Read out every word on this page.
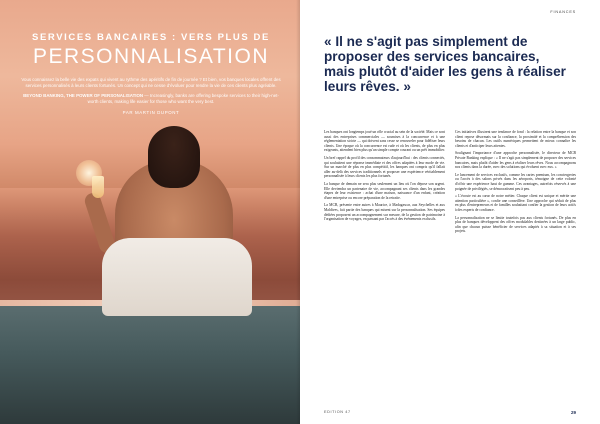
SERVICES BANCAIRES : VERS PLUS DE
PERSONNALISATION
Vous connaissez la belle vie des expats qui vivent au rythme des apéritifs de fin de journée ? Et bien, vos banques locales offrent des services personnalisés à leurs clients fortunés. Un concept qui ne cesse d'évoluer pour rendre la vie de ces clients plus agréable.
BEYOND BANKING, THE POWER OF PERSONALISATION — Increasingly, banks are offering bespoke services to their high-net-worth clients, making life easier for those who want the very best.
PAR MARTIN DUPONT
FINANCES
« Il ne s'agit pas simplement de proposer des services bancaires, mais plutôt d'aider les gens à réaliser leurs rêves. »

Les banques ont longtemps joué un rôle crucial au sein de la société. Mais ce sont aussi des entreprises commerciales — soumises à la concurrence et à une réglementation stricte — qui doivent sans cesse se renouveler pour fidéliser leurs clients. Une époque où la concurrence est rude et où les clients, de plus en plus exigeants, attendent bien plus qu'un simple compte courant ou un prêt immobilier.

Un bref rappel du profil des consommateurs d'aujourd'hui : des clients connectés, qui souhaitent une réponse immédiate et des offres adaptées à leur mode de vie. Sur un marché de plus en plus compétitif, les banques ont compris qu'il fallait aller au-delà des services traditionnels et proposer une expérience véritablement personnalisée à leurs clients les plus fortunés.

La banque de demain ne sera plus seulement un lieu où l'on dépose son argent. Elle deviendra un partenaire de vie, accompagnant ses clients dans les grandes étapes de leur existence : achat d'une maison, naissance d'un enfant, création d'une entreprise ou encore préparation de la retraite.

La MCB, présente entre autres à Maurice, à Madagascar, aux Seychelles et aux Maldives, fait partie des banques qui misent sur la personnalisation. Ses équipes dédiées proposent un accompagnement sur mesure, de la gestion de patrimoine à l'organisation de voyages, en passant par l'accès à des événements exclusifs.

Ces initiatives illustrent une tendance de fond : la relation entre la banque et son client repose désormais sur la confiance, la proximité et la compréhension des besoins de chacun. Les outils numériques permettent de mieux connaître les clients et d'anticiper leurs attentes.

Soulignant l'importance d'une approche personnalisée, le directeur de MCB Private Banking explique : « Il ne s'agit pas simplement de proposer des services bancaires, mais plutôt d'aider les gens à réaliser leurs rêves. Nous accompagnons nos clients dans la durée, avec des solutions qui évoluent avec eux. »

Le lancement de services exclusifs, comme les cartes premium, les conciergeries ou l'accès à des salons privés dans les aéroports, témoigne de cette volonté d'offrir une expérience haut de gamme. Ces avantages, autrefois réservés à une poignée de privilégiés, se démocratisent peu à peu.

« L'écoute est au cœur de notre métier. Chaque client est unique et mérite une attention particulière », confie une conseillère. Une approche qui séduit de plus en plus d'entrepreneurs et de familles souhaitant confier la gestion de leurs actifs à des experts de confiance.

La personnalisation ne se limite toutefois pas aux clients fortunés. De plus en plus de banques développent des offres modulables destinées à un large public, afin que chacun puisse bénéficier de services adaptés à sa situation et à ses projets.

EDITION 47	29
